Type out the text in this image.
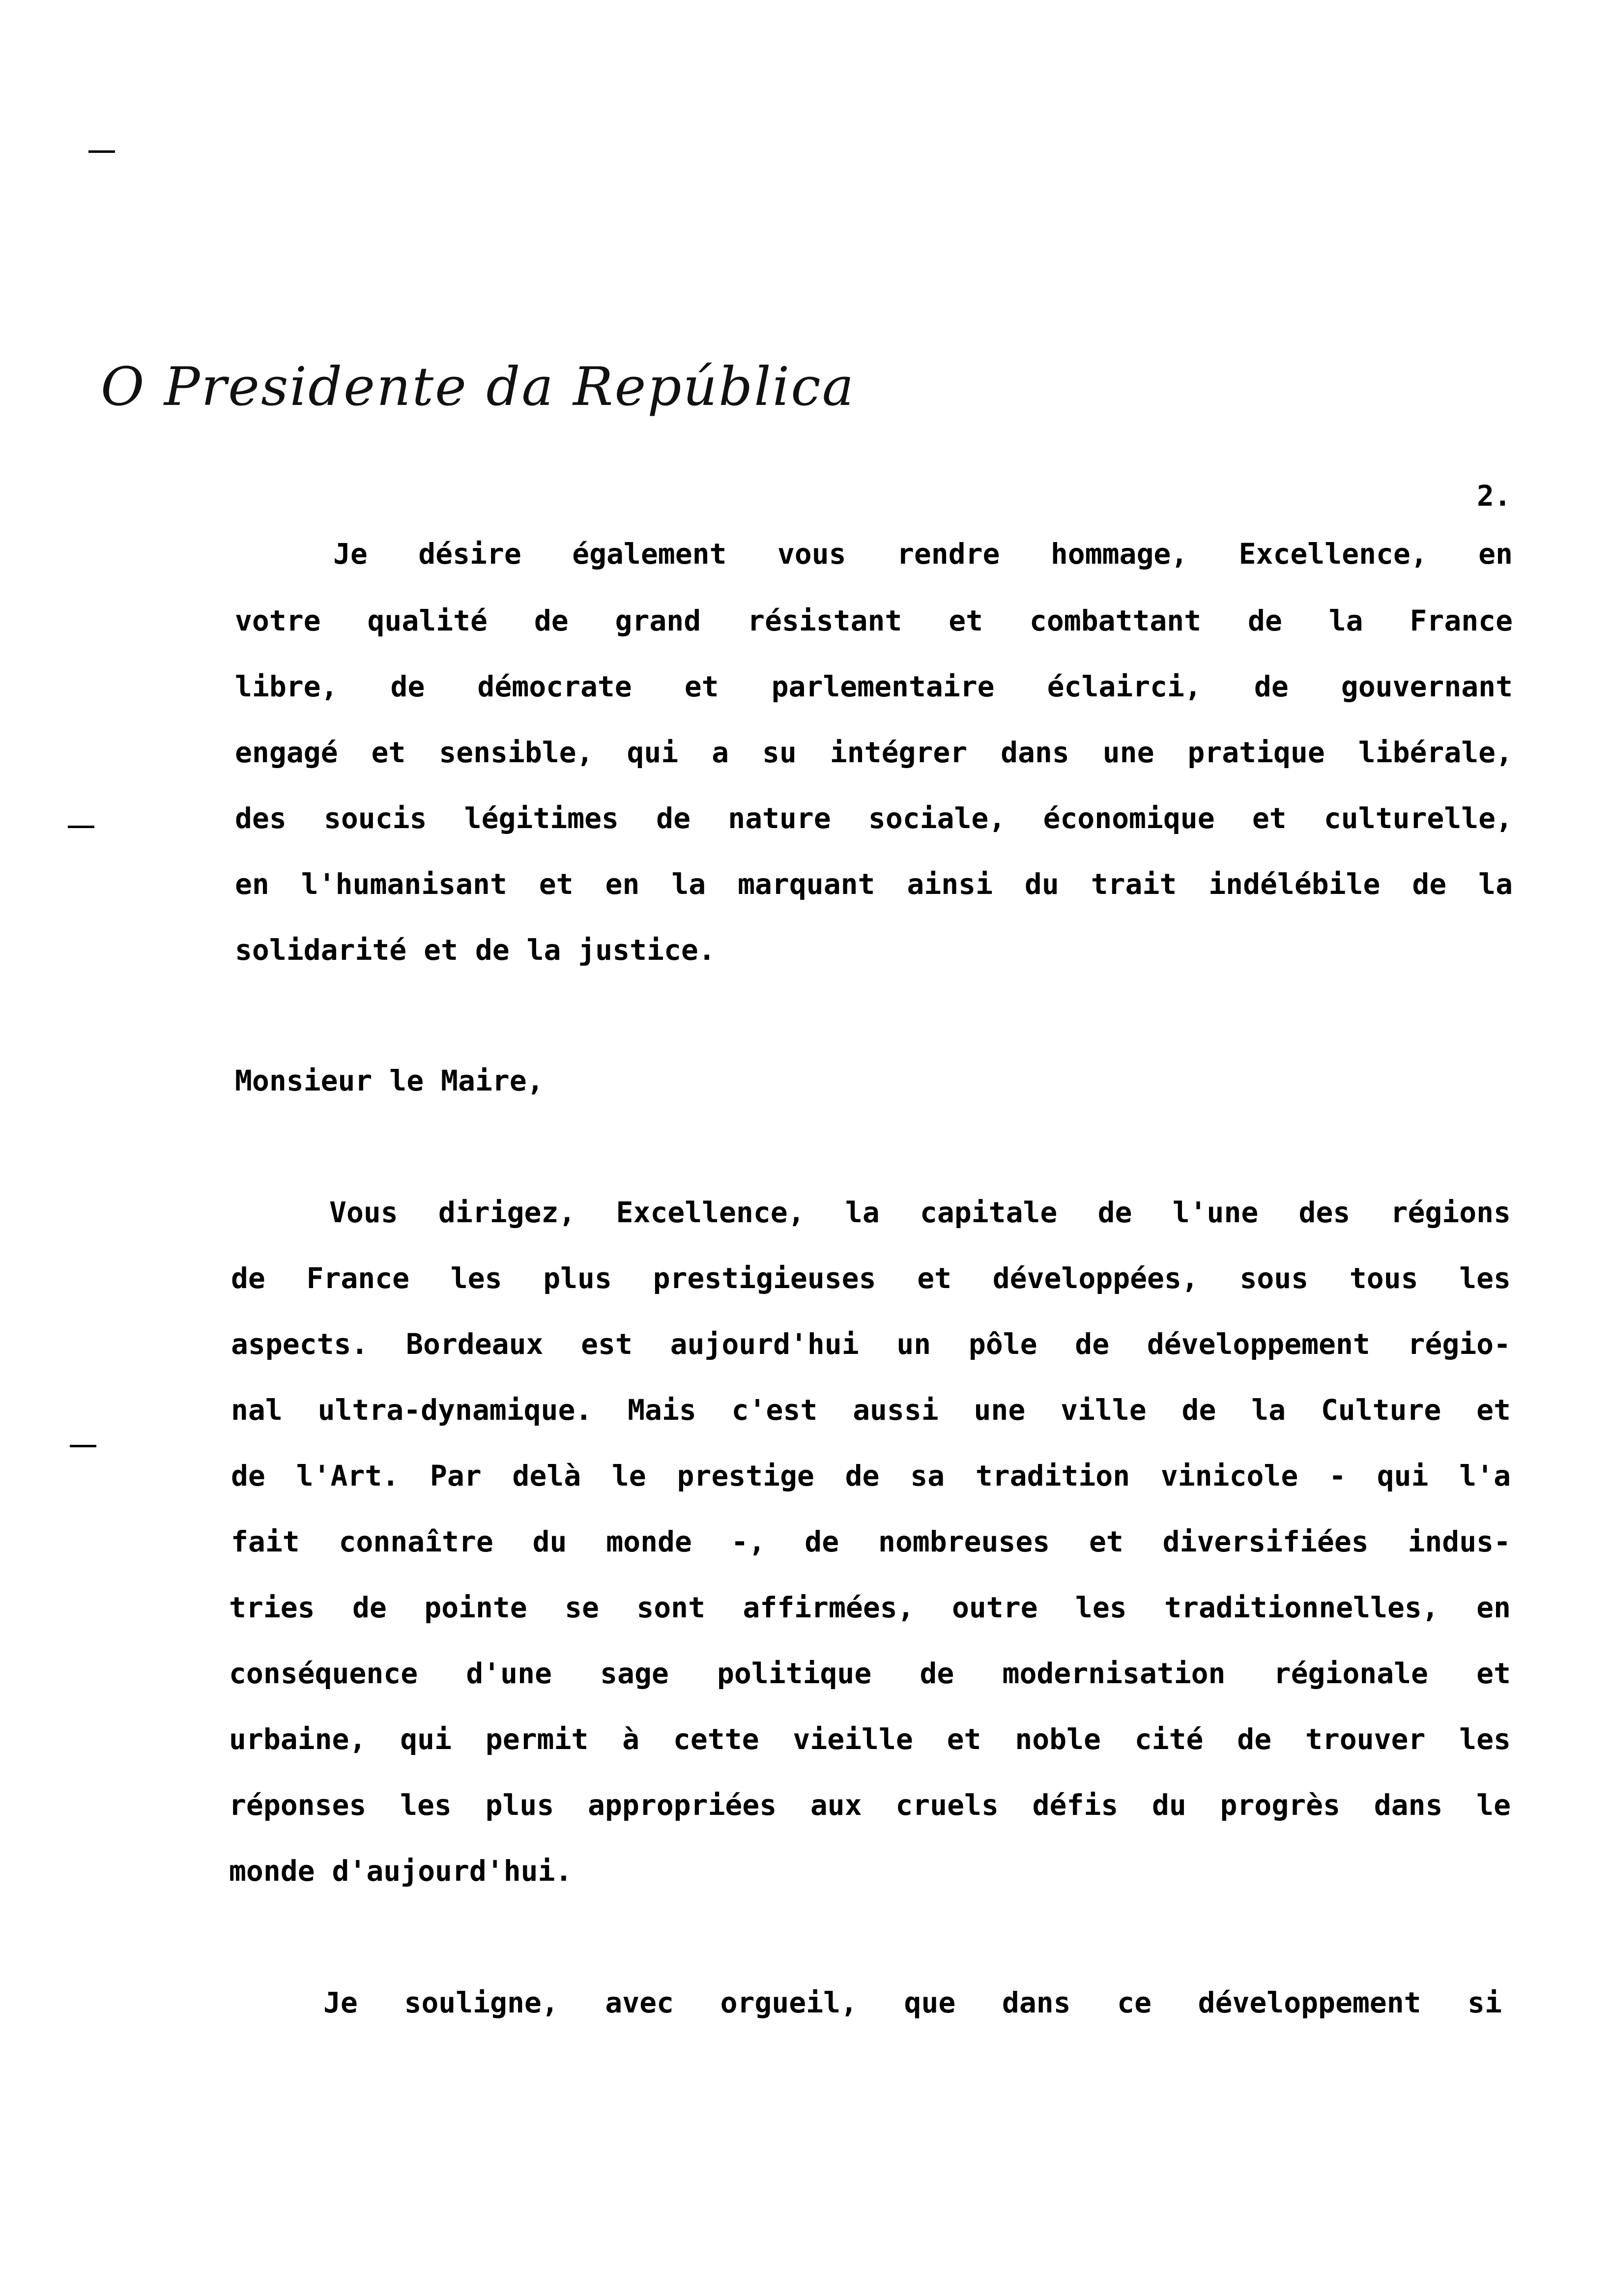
O Presidente da República
2.
Je désire également vous rendre hommage, Excellence, en
votre qualité de grand résistant et combattant de la France
libre, de démocrate et parlementaire éclairci, de gouvernant
engagé et sensible, qui a su intégrer dans une pratique libérale,
des soucis légitimes de nature sociale, économique et culturelle,
en l'humanisant et en la marquant ainsi du trait indélébile de la
solidarité et de la justice.
Monsieur le Maire,
Vous dirigez, Excellence, la capitale de l'une des régions
de France les plus prestigieuses et développées, sous tous les
aspects. Bordeaux est aujourd'hui un pôle de développement régio-
nal ultra-dynamique. Mais c'est aussi une ville de la Culture et
de l'Art. Par delà le prestige de sa tradition vinicole - qui l'a
fait connaître du monde -, de nombreuses et diversifiées indus-
tries de pointe se sont affirmées, outre les traditionnelles, en
conséquence d'une sage politique de modernisation régionale et
urbaine, qui permit à cette vieille et noble cité de trouver les
réponses les plus appropriées aux cruels défis du progrès dans le
monde d'aujourd'hui.
Je souligne, avec orgueil, que dans ce développement si
